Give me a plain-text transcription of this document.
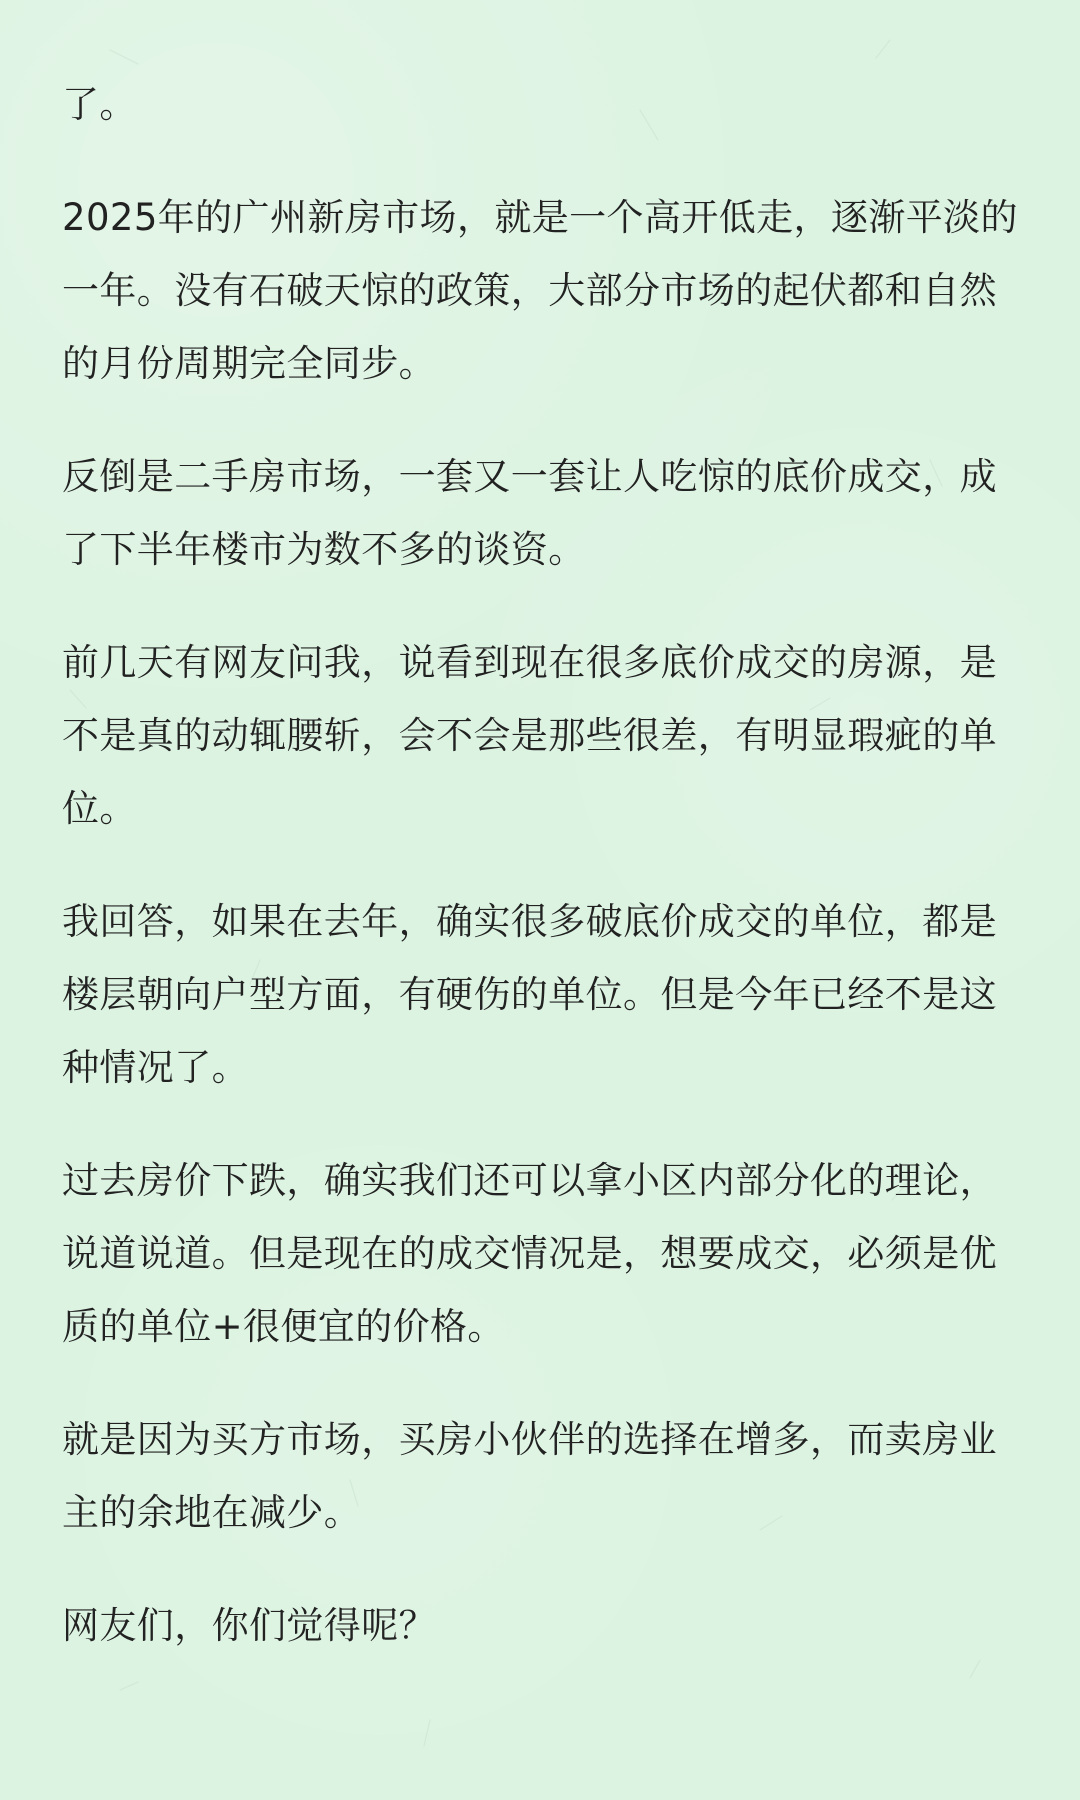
了。

2025年的广州新房市场，就是一个高开低走，逐渐平淡的一年。没有石破天惊的政策，大部分市场的起伏都和自然的月份周期完全同步。

反倒是二手房市场，一套又一套让人吃惊的底价成交，成了下半年楼市为数不多的谈资。

前几天有网友问我，说看到现在很多底价成交的房源，是不是真的动辄腰斩，会不会是那些很差，有明显瑕疵的单位。

我回答，如果在去年，确实很多破底价成交的单位，都是楼层朝向户型方面，有硬伤的单位。但是今年已经不是这种情况了。

过去房价下跌，确实我们还可以拿小区内部分化的理论，说道说道。但是现在的成交情况是，想要成交，必须是优质的单位+很便宜的价格。

就是因为买方市场，买房小伙伴的选择在增多，而卖房业主的余地在减少。

网友们，你们觉得呢？
